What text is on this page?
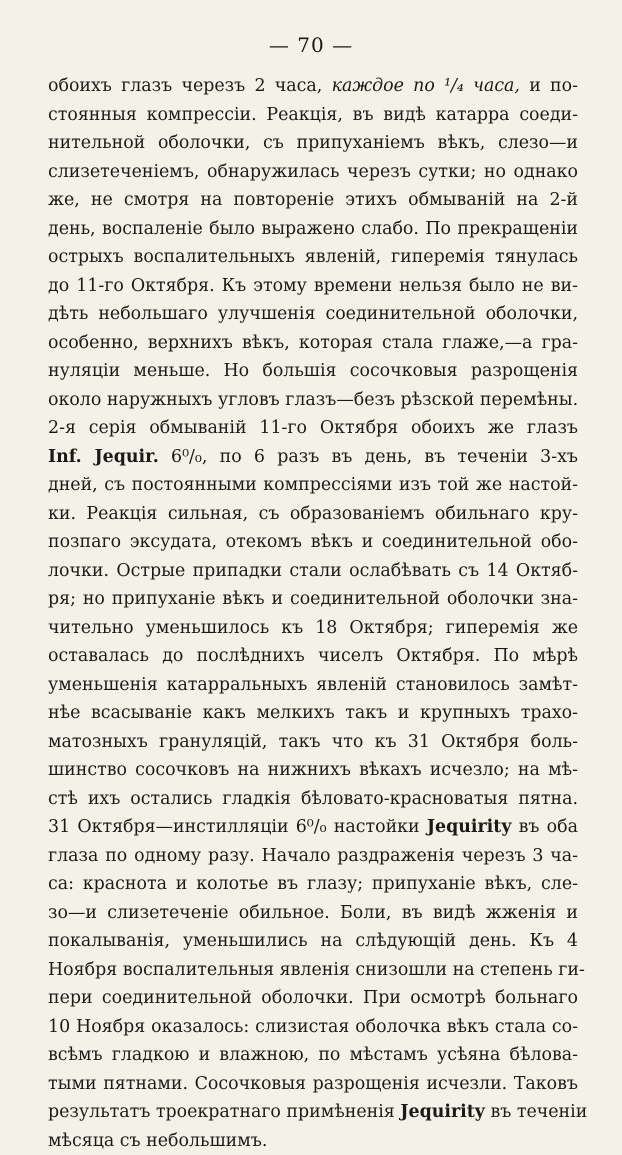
— 70 —
обоихъ глазъ черезъ 2 часа, каждое по ¹/₄ часа, и по-
стоянныя компрессіи. Реакція, въ видѣ катарра соеди-
нительной оболочки, съ припуханіемъ вѣкъ, слезо—и
слизетеченіемъ, обнаружилась черезъ сутки; но однако
же, не смотря на повтореніе этихъ обмываній на 2-й
день, воспаленіе было выражено слабо. По прекращеніи
острыхъ воспалительныхъ явленій, гиперемія тянулась
до 11-го Октября. Къ этому времени нельзя было не ви-
дѣть небольшаго улучшенія соединительной оболочки,
особенно, верхнихъ вѣкъ, которая стала глаже,—а гра-
нуляціи меньше. Но большія сосочковыя разрощенія
около наружныхъ угловъ глазъ—безъ рѣзской перемѣны.
2-я серія обмываній 11-го Октября обоихъ же глазъ
Inf. Jequir. 6⁰/₀, по 6 разъ въ день, въ теченіи 3-хъ
дней, съ постоянными компрессіями изъ той же настой-
ки. Реакція сильная, съ образованіемъ обильнаго кру-
позпаго эксудата, отекомъ вѣкъ и соединительной обо-
лочки. Острые припадки стали ослабѣвать съ 14 Октяб-
ря; но припуханіе вѣкъ и соединительной оболочки зна-
чительно уменьшилось къ 18 Октября; гиперемія же
оставалась до послѣднихъ чиселъ Октября. По мѣрѣ
уменьшенія катарральныхъ явленій становилось замѣт-
нѣе всасываніе какъ мелкихъ такъ и крупныхъ трахо-
матозныхъ грануляцій, такъ что къ 31 Октября боль-
шинство сосочковъ на нижнихъ вѣкахъ исчезло; на мѣ-
стѣ ихъ остались гладкія бѣловато-красноватыя пятна.
31 Октября—инстилляціи 6⁰/₀ настойки Jequirity въ оба
глаза по одному разу. Начало раздраженія черезъ 3 ча-
са: краснота и колотье въ глазу; припуханіе вѣкъ, сле-
зо—и слизетеченіе обильное. Боли, въ видѣ жженія и
покалыванія, уменьшились на слѣдующій день. Къ 4
Ноября воспалительныя явленія снизошли на степень ги-
пери соединительной оболочки. При осмотрѣ больнаго
10 Ноября оказалось: слизистая оболочка вѣкъ стала со-
всѣмъ гладкою и влажною, по мѣстамъ усѣяна бѣлова-
тыми пятнами. Сосочковыя разрощенія исчезли. Таковъ
результатъ троекратнаго примѣненія Jequirity въ теченіи
мѣсяца съ небольшимъ.
